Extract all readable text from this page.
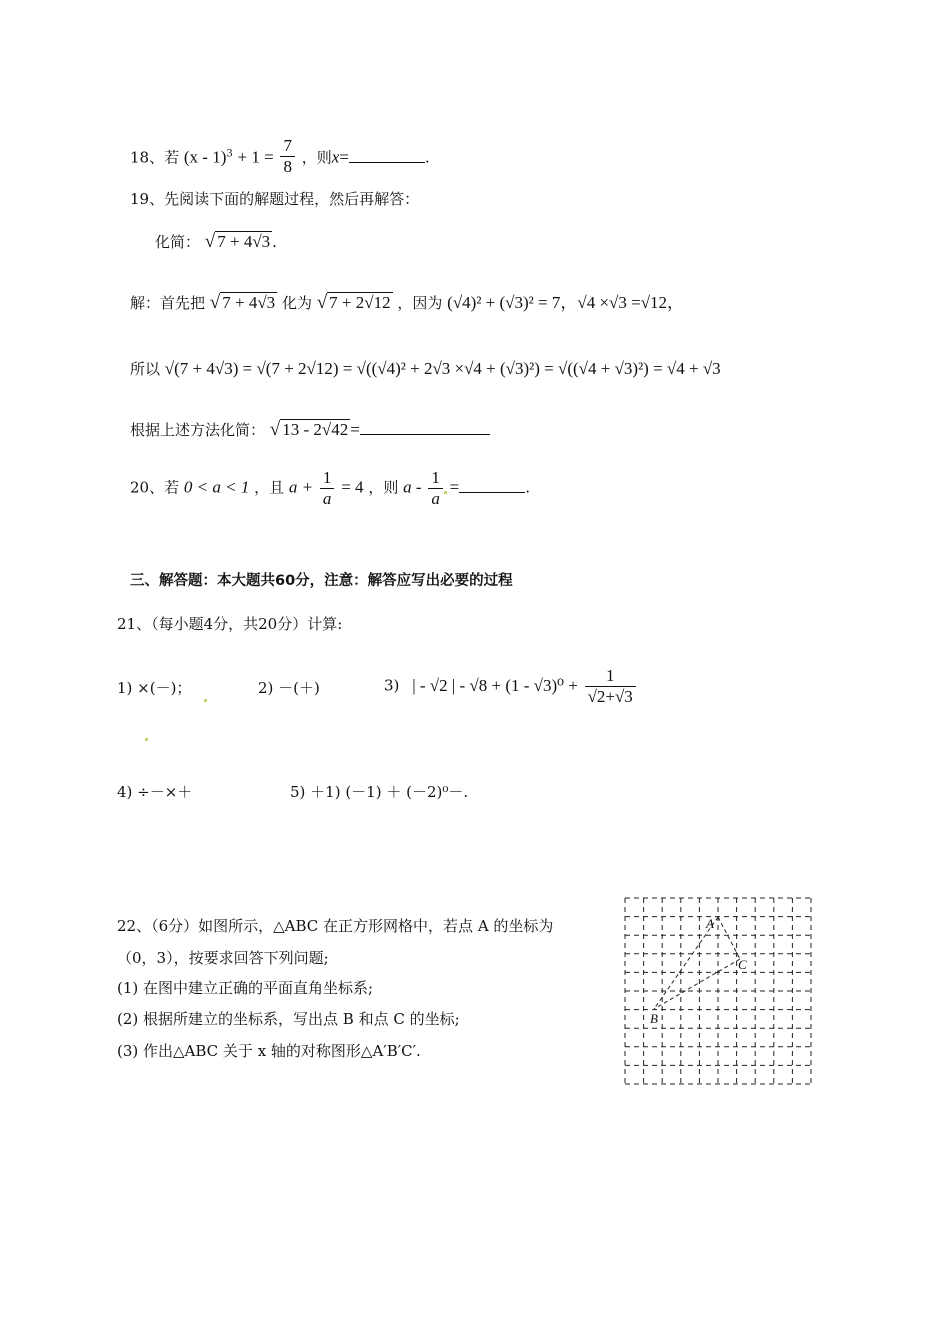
18、若 $(x - 1)^3 + 1 = \frac{7}{8}$ ，则x=	.
19、先阅读下面的解题过程，然后再解答：
化简： √ 7 + 4√3 .
解：首先把 √ 7 + 4√3 化为 √ 7 + 2√12 ，因为 (√4)² + (√3)² = 7，√4 ×√3 =√12，
所以 √(7 + 4√3) = √(7 + 2√12) = √((√4)² + 2√3 ×√4 + (√3)²) = √((√4 + √3)²) = √4 + √3
根据上述方法化简： √ 13 - 2√42 =
20、若 0 < a < 1 ，且 $a + \frac{1}{a} = 4$ ，则 a - $\frac{1}{a}$ =	.
三、解答题：本大题共60分，注意：解答应写出必要的过程
21、（每小题4分，共20分）计算:
1) ×(－)；	2) －(＋)	3) | - √2 | - $√8 + (1 - √3)^0 + \frac{1}{√2+√3}$
4) ÷－×＋	5) ＋1) (－1) ＋ (－2)⁰－.
22、（6分）如图所示，△ABC 在正方形网格中，若点 A 的坐标为
（0，3），按要求回答下列问题;
(1) 在图中建立正确的平面直角坐标系;
(2) 根据所建立的坐标系，写出点 B 和点 C 的坐标;
(3) 作出△ABC 关于 x 轴的对称图形△A′B′C′.
A
B
C
